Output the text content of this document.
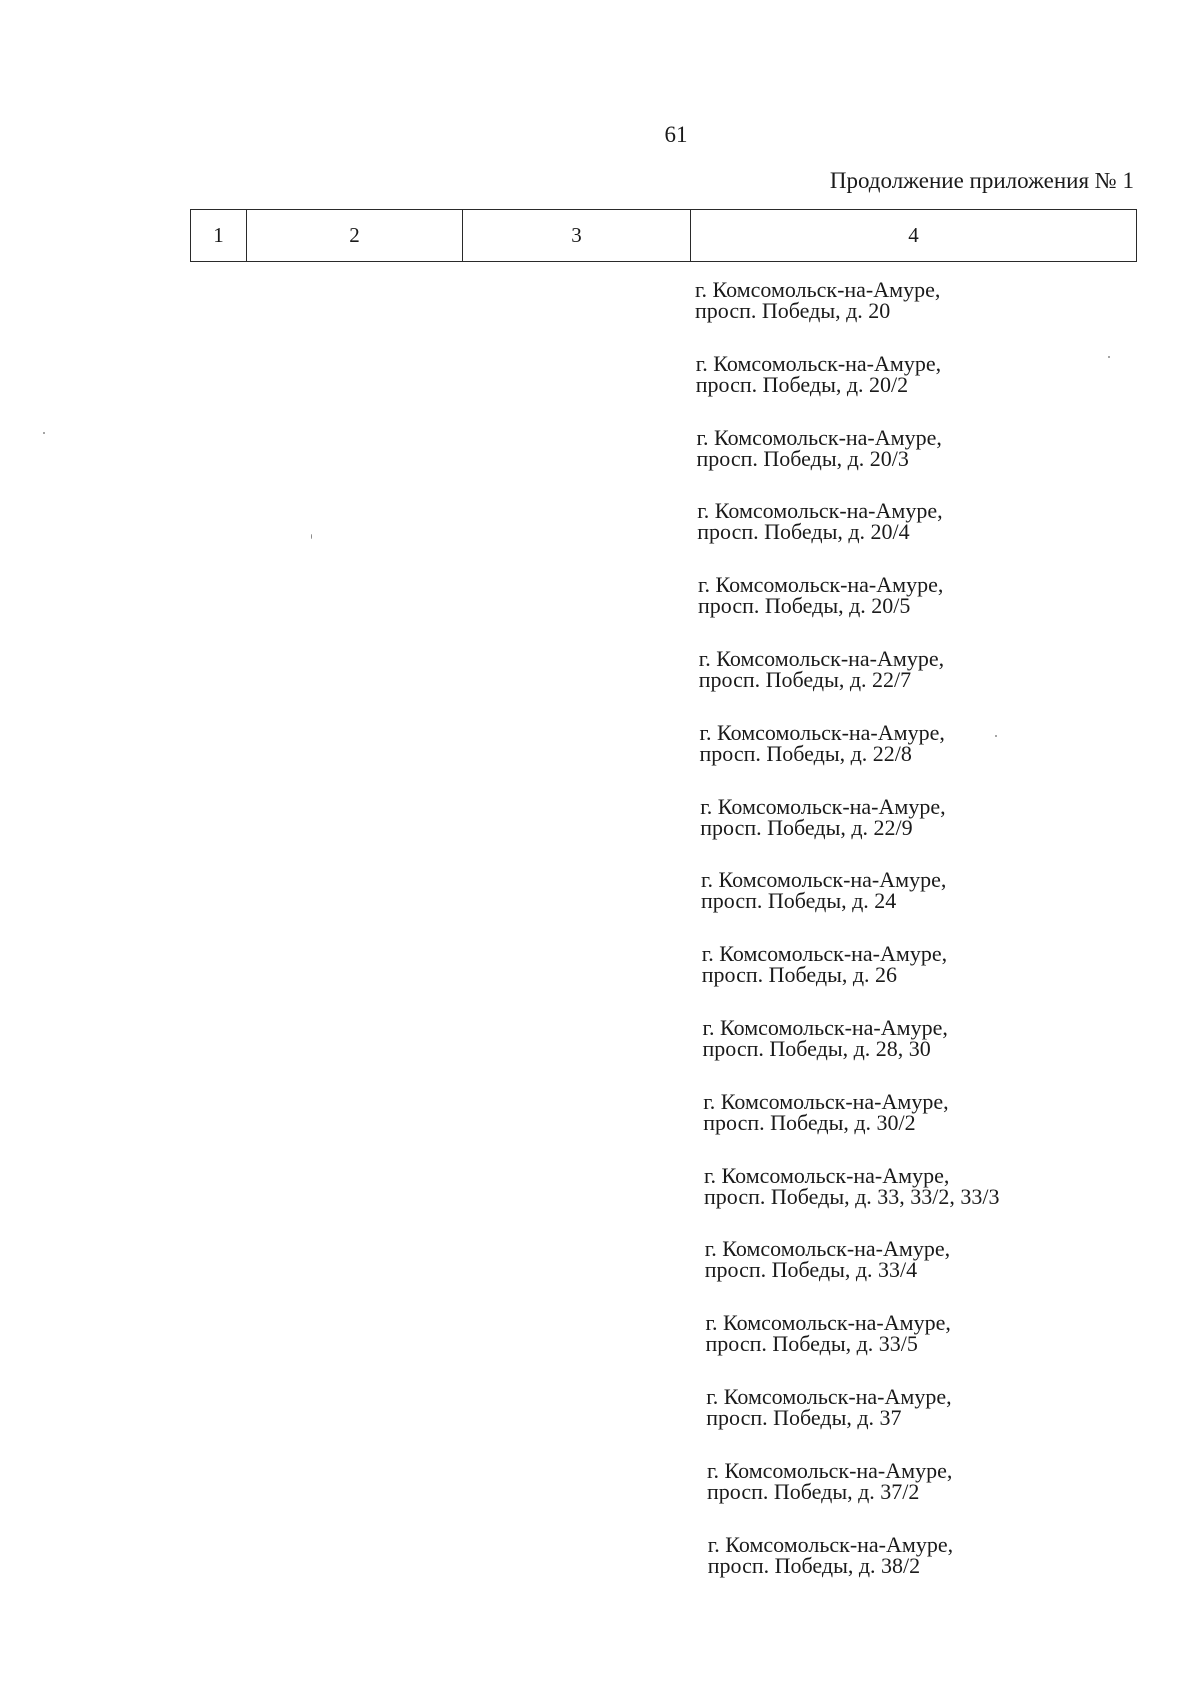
61
Продолжение приложения № 1
1	2	3	4
г. Комсомольск-на-Амуре,
просп. Победы, д. 20
г. Комсомольск-на-Амуре,
просп. Победы, д. 20/2
г. Комсомольск-на-Амуре,
просп. Победы, д. 20/3
г. Комсомольск-на-Амуре,
просп. Победы, д. 20/4
г. Комсомольск-на-Амуре,
просп. Победы, д. 20/5
г. Комсомольск-на-Амуре,
просп. Победы, д. 22/7
г. Комсомольск-на-Амуре,
просп. Победы, д. 22/8
г. Комсомольск-на-Амуре,
просп. Победы, д. 22/9
г. Комсомольск-на-Амуре,
просп. Победы, д. 24
г. Комсомольск-на-Амуре,
просп. Победы, д. 26
г. Комсомольск-на-Амуре,
просп. Победы, д. 28, 30
г. Комсомольск-на-Амуре,
просп. Победы, д. 30/2
г. Комсомольск-на-Амуре,
просп. Победы, д. 33, 33/2, 33/3
г. Комсомольск-на-Амуре,
просп. Победы, д. 33/4
г. Комсомольск-на-Амуре,
просп. Победы, д. 33/5
г. Комсомольск-на-Амуре,
просп. Победы, д. 37
г. Комсомольск-на-Амуре,
просп. Победы, д. 37/2
г. Комсомольск-на-Амуре,
просп. Победы, д. 38/2
